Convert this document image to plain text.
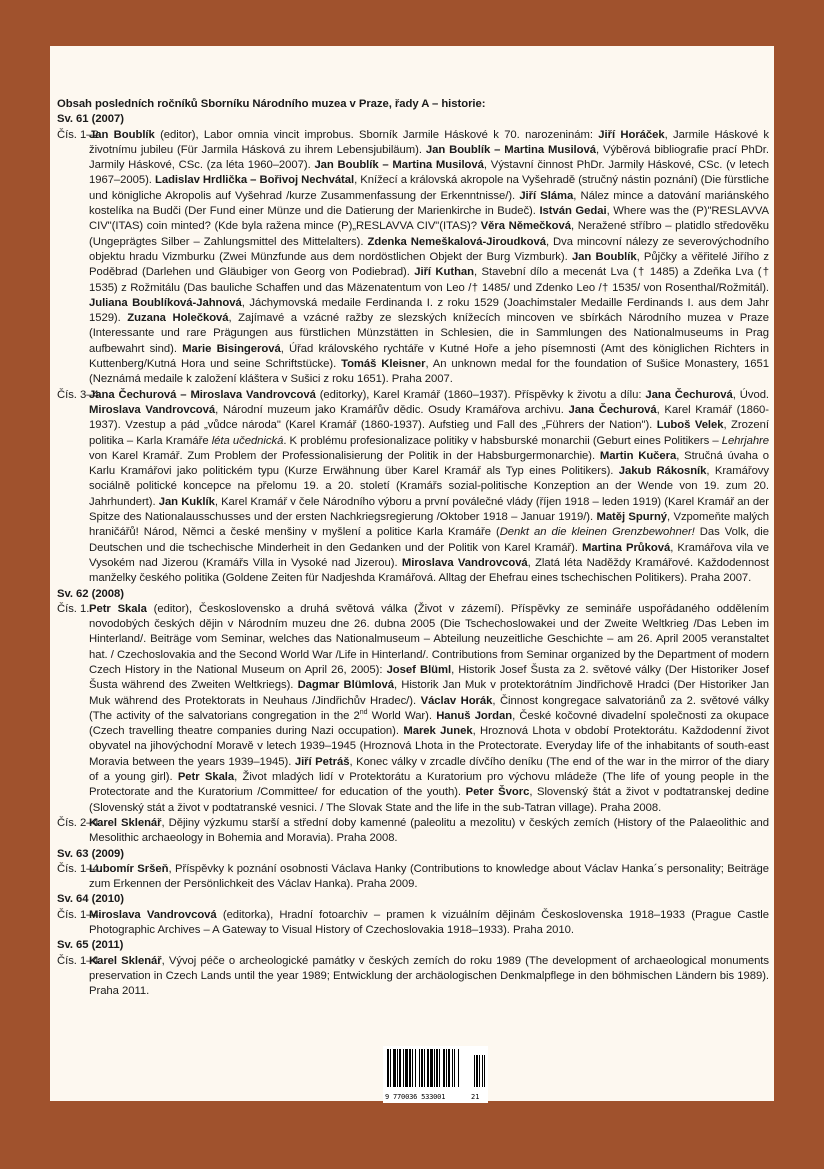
Obsah posledních ročníků Sborníku Národního muzea v Praze, řady A – historie:

Sv. 61 (2007)

Čís. 1–2.
Jan Boublík (editor), Labor omnia vincit improbus. Sborník Jarmile Háskové k 70. narozeninám: Jiří Horáček, Jarmile Háskové k životnímu jubileu (Für Jarmila Hásková zu ihrem Lebensjubiläum). Jan Boublík – Martina Musilová, Výběrová bibliografie prací PhDr. Jarmily Háskové, CSc. (za léta 1960–2007). Jan Boublík – Martina Musilová, Výstavní činnost PhDr. Jarmily Háskové, CSc. (v letech 1967–2005). Ladislav Hrdlička – Bořivoj Nechvátal, Knížecí a královská akropole na Vyšehradě (stručný nástin poznání) (Die fürstliche und königliche Akropolis auf Vyšehrad /kurze Zusammenfassung der Erkenntnisse/). Jiří Sláma, Nález mince a datování mariánského kostelíka na Budči (Der Fund einer Münze und die Datierung der Marienkirche in Budeč). István Gedai, Where was the (P)"RESLAVVA CIV"(ITAS) coin minted? (Kde byla ražena mince (P)„RESLAVVA CIV"(ITAS)? Věra Němečková, Neražené stříbro – platidlo středověku (Ungeprägtes Silber – Zahlungsmittel des Mittelalters). Zdenka Nemeškalová-Jiroudková, Dva mincovní nálezy ze severovýchodního objektu hradu Vizmburku (Zwei Münzfunde aus dem nordöstlichen Objekt der Burg Vizmburk). Jan Boublík, Půjčky a věřitelé Jiřího z Poděbrad (Darlehen und Gläubiger von Georg von Podiebrad). Jiří Kuthan, Stavební dílo a mecenát Lva († 1485) a Zdeňka Lva († 1535) z Rožmitálu (Das bauliche Schaffen und das Mäzenatentum von Leo /† 1485/ und Zdenko Leo /† 1535/ von Rosenthal/Rožmitál). Juliana Boublíková-Jahnová, Jáchymovská medaile Ferdinanda I. z roku 1529 (Joachimstaler Medaille Ferdinands I. aus dem Jahr 1529). Zuzana Holečková, Zajímavé a vzácné ražby ze slezských knížecích mincoven ve sbírkách Národního muzea v Praze (Interessante und rare Prägungen aus fürstlichen Münzstätten in Schlesien, die in Sammlungen des Nationalmuseums in Prag aufbewahrt sind). Marie Bisingerová, Úřad královského rychtáře v Kutné Hoře a jeho písemnosti (Amt des königlichen Richters in Kuttenberg/Kutná Hora und seine Schriftstücke). Tomáš Kleisner, An unknown medal for the foundation of Sušice Monastery, 1651 (Neznámá medaile k založení kláštera v Sušici z roku 1651). Praha 2007.
Čís. 3–4.
Jana Čechurová – Miroslava Vandrovcová (editorky), Karel Kramář (1860–1937). Příspěvky k životu a dílu: Jana Čechurová, Úvod. Miroslava Vandrovcová, Národní muzeum jako Kramářův dědic. Osudy Kramářova archivu. Jana Čechurová, Karel Kramář (1860-1937). Vzestup a pád „vůdce národa" (Karel Kramář (1860-1937). Aufstieg und Fall des „Führers der Nation"). Luboš Velek, Zrození politika – Karla Kramáře léta učednická. K problému profesionalizace politiky v habsburské monarchii (Geburt eines Politikers – Lehrjahre von Karel Kramář. Zum Problem der Professionalisierung der Politik in der Habsburgermonarchie). Martin Kučera, Stručná úvaha o Karlu Kramářovi jako politickém typu (Kurze Erwähnung über Karel Kramář als Typ eines Politikers). Jakub Rákosník, Kramářovy sociálně politické koncepce na přelomu 19. a 20. století (Kramářs sozial-politische Konzeption an der Wende von 19. zum 20. Jahrhundert). Jan Kuklík, Karel Kramář v čele Národního výboru a první poválečné vlády (říjen 1918 – leden 1919) (Karel Kramář an der Spitze des Nationalausschusses und der ersten Nachkriegsregierung /Oktober 1918 – Januar 1919/). Matěj Spurný, Vzpomeňte malých hraničářů! Národ, Němci a české menšiny v myšlení a politice Karla Kramáře (Denkt an die kleinen Grenzbewohner! Das Volk, die Deutschen und die tschechische Minderheit in den Gedanken und der Politik von Karel Kramář). Martina Průková, Kramářova vila ve Vysokém nad Jizerou (Kramářs Villa in Vysoké nad Jizerou). Miroslava Vandrovcová, Zlatá léta Naděždy Kramářové. Každodennost manželky českého politika (Goldene Zeiten für Nadjeshda Kramářová. Alltag der Ehefrau eines tschechischen Politikers). Praha 2007.

Sv. 62 (2008)

Čís. 1. Petr Skala (editor), Československo a druhá světová válka (Život v zázemí). Příspěvky ze semináře uspořádaného oddělením novodobých českých dějin v Národním muzeu dne 26. dubna 2005 (Die Tschechoslowakei und der Zweite Weltkrieg /Das Leben im Hinterland/. Beiträge vom Seminar, welches das Nationalmuseum – Abteilung neuzeitliche Geschichte – am 26. April 2005 veranstaltet hat. / Czechoslovakia and the Second World War /Life in Hinterland/. Contributions from Seminar organized by the Department of modern Czech History in the National Museum on April 26, 2005): Josef Blüml, Historik Josef Šusta za 2. světové války (Der Historiker Josef Šusta während des Zweiten Weltkriegs). Dagmar Blümlová, Historik Jan Muk v protektorátním Jindřichově Hradci (Der Historiker Jan Muk während des Protektorats in Neuhaus /Jindřichův Hradec/). Václav Horák, Činnost kongregace salvatoriánů za 2. světové války (The activity of the salvatorians congregation in the 2nd World War). Hanuš Jordan, České kočovné divadelní společnosti za okupace (Czech travelling theatre companies during Nazi occupation). Marek Junek, Hroznová Lhota v období Protektorátu. Každodenní život obyvatel na jihovýchodní Moravě v letech 1939–1945 (Hroznová Lhota in the Protectorate. Everyday life of the inhabitants of south-east Moravia between the years 1939–1945). Jiří Petráš, Konec války v zrcadle dívčího deníku (The end of the war in the mirror of the diary of a young girl). Petr Skala, Život mladých lidí v Protektorátu a Kuratorium pro výchovu mládeže (The life of young people in the Protectorate and the Kuratorium /Committee/ for education of the youth). Peter Švorc, Slovenský štát a život v podtatranskej dedine (Slovenský stát a život v podtatranské vesnici. / The Slovak State and the life in the sub-Tatran village). Praha 2008.
Čís. 2–4.
Karel Sklenář, Dějiny výzkumu starší a střední doby kamenné (paleolitu a mezolitu) v českých zemích (History of the Palaeolithic and Mesolithic archaeology in Bohemia and Moravia). Praha 2008.

Sv. 63 (2009)

Čís. 1–4.
Lubomír Sršeň, Příspěvky k poznání osobnosti Václava Hanky (Contributions to knowledge about Václav Hanka´s personality; Beiträge zum Erkennen der Persönlichkeit des Václav Hanka). Praha 2009.

Sv. 64 (2010)

Čís. 1–4.
Miroslava Vandrovcová (editorka), Hradní fotoarchiv – pramen k vizuálním dějinám Československa 1918–1933 (Prague Castle Photographic Archives – A Gateway to Visual History of Czechoslovakia 1918–1933). Praha 2010.

Sv. 65 (2011)

Čís. 1–4.
Karel Sklenář, Vývoj péče o archeologické památky v českých zemích do roku 1989 (The development of archaeological monuments preservation in Czech Lands until the year 1989; Entwicklung der archäologischen Denkmalpflege in den böhmischen Ländern bis 1989). Praha 2011.
9 770036 533001	21
